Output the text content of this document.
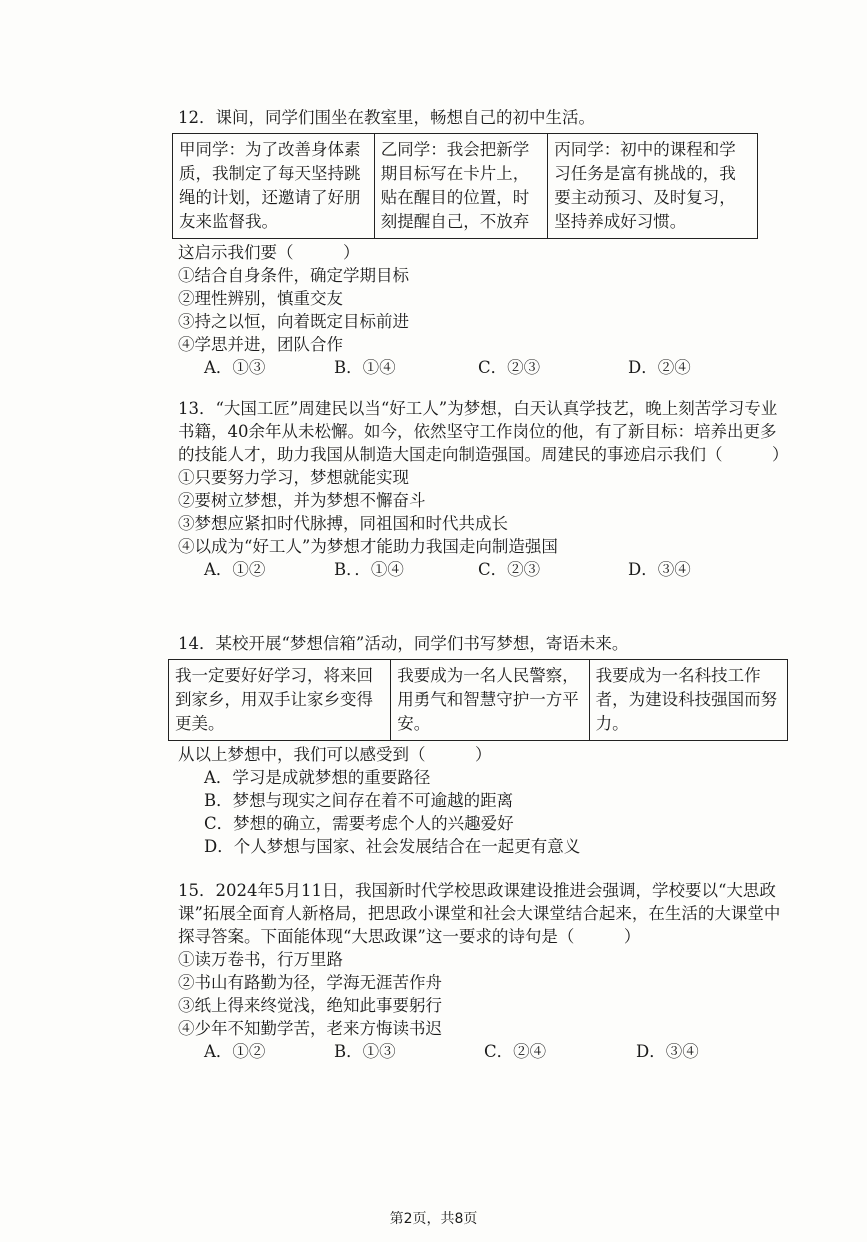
12．课间，同学们围坐在教室里，畅想自己的初中生活。

甲同学：为了改善身体素质，我制定了每天坚持跳绳的计划，还邀请了好朋友来监督我。	乙同学：我会把新学期目标写在卡片上，贴在醒目的位置，时刻提醒自己，不放弃	丙同学：初中的课程和学习任务是富有挑战的，我要主动预习、及时复习，坚持养成好习惯。

这启示我们要（　　　）

①结合自身条件，确定学期目标

②理性辨别，慎重交友

③持之以恒，向着既定目标前进

④学思并进，团队合作

A．①③	B．①④	C．②③	D．②④

13．“大国工匠”周建民以当“好工人”为梦想，白天认真学技艺，晚上刻苦学习专业书籍，40余年从未松懈。如今，依然坚守工作岗位的他，有了新目标：培养出更多的技能人才，助力我国从制造大国走向制造强国。周建民的事迹启示我们（　　　）

①只要努力学习，梦想就能实现

②要树立梦想，并为梦想不懈奋斗

③梦想应紧扣时代脉搏，同祖国和时代共成长

④以成为“好工人”为梦想才能助力我国走向制造强国

A．①②	B．．①④	C．②③	D．③④

14．某校开展“梦想信箱”活动，同学们书写梦想，寄语未来。

我一定要好好学习，将来回到家乡，用双手让家乡变得更美。	我要成为一名人民警察，用勇气和智慧守护一方平安。	我要成为一名科技工作者，为建设科技强国而努力。

从以上梦想中，我们可以感受到（　　　）

A．学习是成就梦想的重要路径

B．梦想与现实之间存在着不可逾越的距离

C．梦想的确立，需要考虑个人的兴趣爱好

D．个人梦想与国家、社会发展结合在一起更有意义

15．2024年5月11日，我国新时代学校思政课建设推进会强调，学校要以“大思政课”拓展全面育人新格局，把思政小课堂和社会大课堂结合起来，在生活的大课堂中探寻答案。下面能体现“大思政课”这一要求的诗句是（　　　）

①读万卷书，行万里路

②书山有路勤为径，学海无涯苦作舟

③纸上得来终觉浅，绝知此事要躬行

④少年不知勤学苦，老来方悔读书迟

A．①②	B．①③	C．②④	D．③④
第2页，共8页
